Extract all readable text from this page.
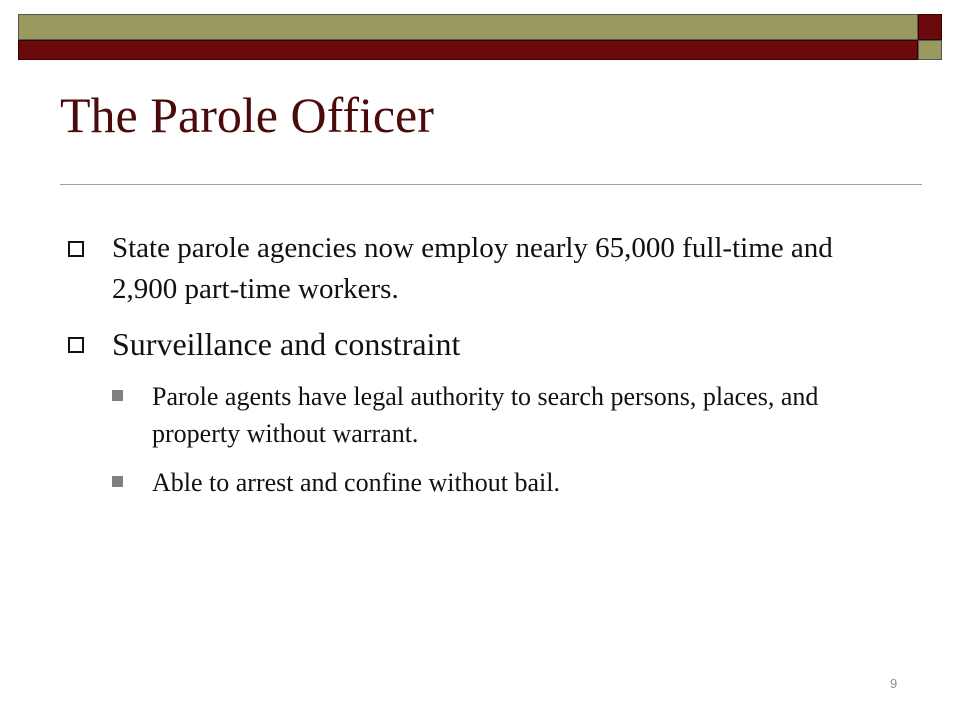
The Parole Officer
State parole agencies now employ nearly 65,000 full-time and 2,900 part-time workers.
Surveillance and constraint
Parole agents have legal authority to search persons, places, and property without warrant.
Able to arrest and confine without bail.
9
